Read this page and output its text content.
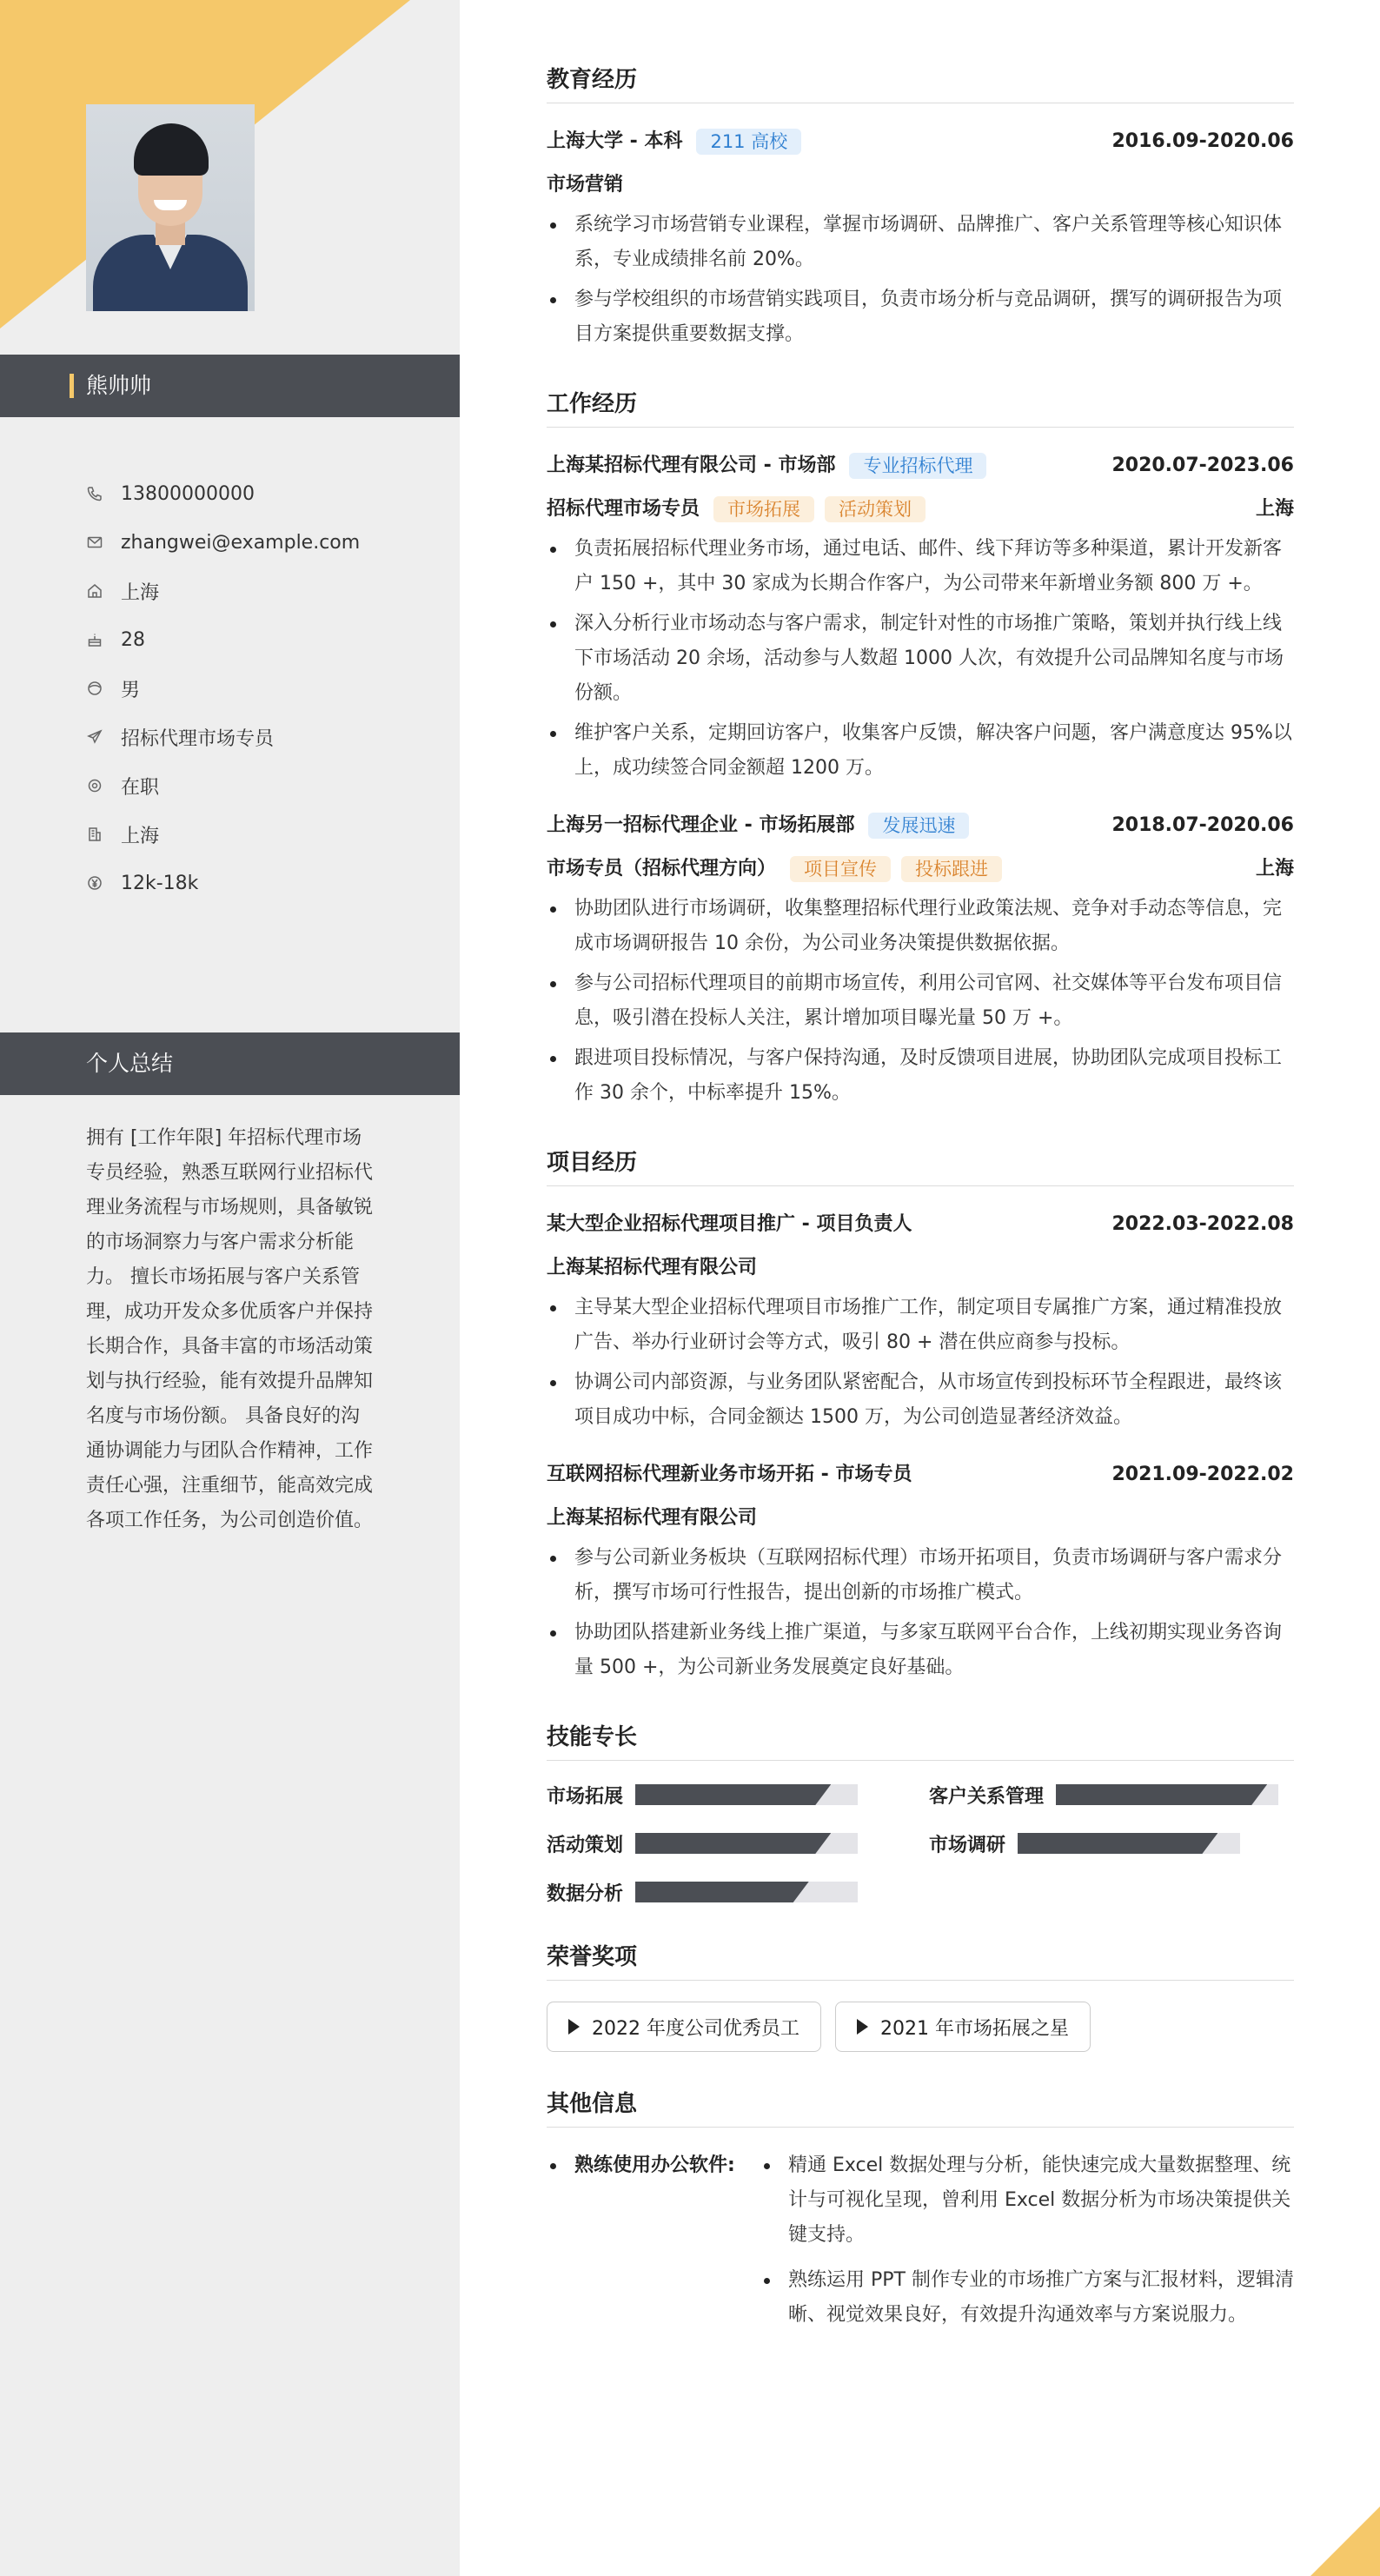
熊帅帅
13800000000
zhangwei@example.com
上海
28
男
招标代理市场专员
在职
上海
12k-18k
个人总结
拥有 [工作年限] 年招标代理市场专员经验，熟悉互联网行业招标代理业务流程与市场规则，具备敏锐的市场洞察力与客户需求分析能力。 擅长市场拓展与客户关系管理，成功开发众多优质客户并保持长期合作，具备丰富的市场活动策划与执行经验，能有效提升品牌知名度与市场份额。 具备良好的沟通协调能力与团队合作精神，工作责任心强，注重细节，能高效完成各项工作任务，为公司创造价值。
教育经历
上海大学 - 本科	211 高校	2016.09-2020.06
市场营销
系统学习市场营销专业课程，掌握市场调研、品牌推广、客户关系管理等核心知识体系，专业成绩排名前 20%。
参与学校组织的市场营销实践项目，负责市场分析与竞品调研，撰写的调研报告为项目方案提供重要数据支撑。
工作经历
上海某招标代理有限公司 - 市场部	专业招标代理	2020.07-2023.06
招标代理市场专员	市场拓展	活动策划	上海
负责拓展招标代理业务市场，通过电话、邮件、线下拜访等多种渠道，累计开发新客户 150 +，其中 30 家成为长期合作客户，为公司带来年新增业务额 800 万 +。
深入分析行业市场动态与客户需求，制定针对性的市场推广策略，策划并执行线上线下市场活动 20 余场，活动参与人数超 1000 人次，有效提升公司品牌知名度与市场份额。
维护客户关系，定期回访客户，收集客户反馈，解决客户问题，客户满意度达 95%以上，成功续签合同金额超 1200 万。
上海另一招标代理企业 - 市场拓展部	发展迅速	2018.07-2020.06
市场专员（招标代理方向）	项目宣传	投标跟进	上海
协助团队进行市场调研，收集整理招标代理行业政策法规、竞争对手动态等信息，完成市场调研报告 10 余份，为公司业务决策提供数据依据。
参与公司招标代理项目的前期市场宣传，利用公司官网、社交媒体等平台发布项目信息，吸引潜在投标人关注，累计增加项目曝光量 50 万 +。
跟进项目投标情况，与客户保持沟通，及时反馈项目进展，协助团队完成项目投标工作 30 余个，中标率提升 15%。
项目经历
某大型企业招标代理项目推广 - 项目负责人	2022.03-2022.08
上海某招标代理有限公司
主导某大型企业招标代理项目市场推广工作，制定项目专属推广方案，通过精准投放广告、举办行业研讨会等方式，吸引 80 + 潜在供应商参与投标。
协调公司内部资源，与业务团队紧密配合，从市场宣传到投标环节全程跟进，最终该项目成功中标，合同金额达 1500 万，为公司创造显著经济效益。
互联网招标代理新业务市场开拓 - 市场专员	2021.09-2022.02
上海某招标代理有限公司
参与公司新业务板块（互联网招标代理）市场开拓项目，负责市场调研与客户需求分析，撰写市场可行性报告，提出创新的市场推广模式。
协助团队搭建新业务线上推广渠道，与多家互联网平台合作，上线初期实现业务咨询量 500 +，为公司新业务发展奠定良好基础。
技能专长
市场拓展	客户关系管理
活动策划	市场调研
数据分析
荣誉奖项
2022 年度公司优秀员工	2021 年市场拓展之星
其他信息
熟练使用办公软件:	精通 Excel 数据处理与分析，能快速完成大量数据整理、统计与可视化呈现，曾利用 Excel 数据分析为市场决策提供关键支持。
熟练运用 PPT 制作专业的市场推广方案与汇报材料，逻辑清晰、视觉效果良好，有效提升沟通效率与方案说服力。
